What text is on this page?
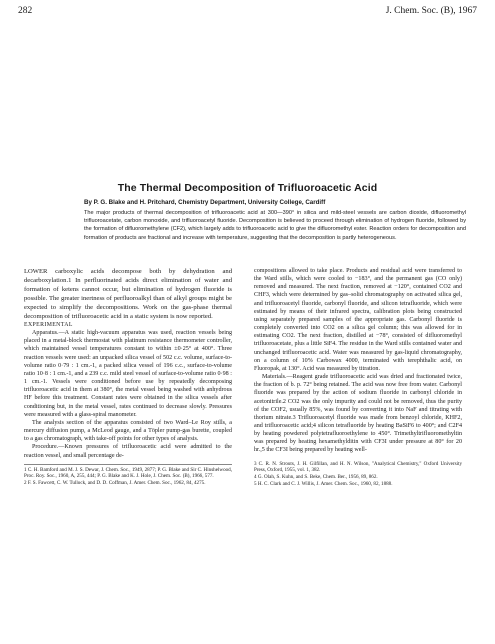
282	J. Chem. Soc. (B), 1967
The Thermal Decomposition of Trifluoroacetic Acid
By P. G. Blake and H. Pritchard, Chemistry Department, University College, Cardiff
The major products of thermal decomposition of trifluoroacetic acid at 300—390° in silica and mild-steel vessels are carbon dioxide, difluoromethyl trifluoroacetate, carbon monoxide, and trifluoroacetyl fluoride. Decomposition is believed to proceed through elimination of hydrogen fluoride, followed by the formation of difluoromethylene (CF2), which largely adds to trifluoroacetic acid to give the difluoromethyl ester. Reaction orders for decomposition and formation of products are fractional and increase with temperature, suggesting that the decomposition is partly heterogeneous.

LOWER carboxylic acids decompose both by dehydration and decarboxylation.1 In perfluorinated acids direct elimination of water and formation of ketens cannot occur, but elimination of hydrogen fluoride is possible. The greater inertness of perfluoroalkyl than of alkyl groups might be expected to simplify the decompositions. Work on the gas-phase thermal decomposition of trifluoroacetic acid in a static system is now reported.

EXPERIMENTAL

Apparatus.—A static high-vacuum apparatus was used, reaction vessels being placed in a metal-block thermostat with platinum resistance thermometer controller, which maintained vessel temperatures constant to within ±0·25° at 400°. Three reaction vessels were used: an unpacked silica vessel of 502 c.c. volume, surface-to-volume ratio 0·79 : 1 cm.-1, a packed silica vessel of 196 c.c., surface-to-volume ratio 10·8 : 1 cm.-1, and a 239 c.c. mild steel vessel of surface-to-volume ratio 0·98 : 1 cm.-1. Vessels were conditioned before use by repeatedly decomposing trifluoroacetic acid in them at 380°, the metal vessel being washed with anhydrous HF before this treatment. Constant rates were obtained in the silica vessels after conditioning but, in the metal vessel, rates continued to decrease slowly. Pressures were measured with a glass-spiral manometer.

The analysis section of the apparatus consisted of two Ward–Le Roy stills, a mercury diffusion pump, a McLeod gauge, and a Töpler pump-gas burette, coupled to a gas chromatograph, with take-off points for other types of analysis.

Procedure.—Known pressures of trifluoroacetic acid were admitted to the reaction vessel, and small percentage de-

1 C. H. Bamford and M. J. S. Dewar, J. Chem. Soc., 1949, 2877; P. G. Blake and Sir C. Hinshelwood, Proc. Roy. Soc., 1960, A, 255, 444; P. G. Blake and K. J. Hole, J. Chem. Soc. (B), 1966, 577.
2 F. S. Fawcett, C. W. Tullock, and D. D. Coffman, J. Amer. Chem. Soc., 1962, 84, 4275.

compositions allowed to take place. Products and residual acid were transferred to the Ward stills, which were cooled to −183°, and the permanent gas (CO only) removed and measured. The next fraction, removed at −120°, contained CO2 and CHF3, which were determined by gas–solid chromatography on activated silica gel, and trifluoroacetyl fluoride, carbonyl fluoride, and silicon tetrafluoride, which were estimated by means of their infrared spectra, calibration plots being constructed using separately prepared samples of the appropriate gas. Carbonyl fluoride is completely converted into CO2 on a silica gel column; this was allowed for in estimating CO2. The next fraction, distilled at −78°, consisted of difluoromethyl trifluoroacetate, plus a little SiF4. The residue in the Ward stills contained water and unchanged trifluoroacetic acid. Water was measured by gas-liquid chromatography, on a column of 10% Carbowax 4000, terminated with terephthalic acid, on Fluoropak, at 130°. Acid was measured by titration.

Materials.—Reagent grade trifluoroacetic acid was dried and fractionated twice, the fraction of b. p. 72° being retained. The acid was now free from water. Carbonyl fluoride was prepared by the action of sodium fluoride in carbonyl chloride in acetonitrile.2 CO2 was the only impurity and could not be removed, thus the purity of the COF2, usually 85%, was found by converting it into NaF and titrating with thorium nitrate.3 Trifluoroacetyl fluoride was made from benzoyl chloride, KHF2, and trifluoroacetic acid;4 silicon tetrafluoride by heating BaSiF6 to 400°; and C2F4 by heating powdered polytetrafluoroethylene to 450°. Trimethyltrifluoromethyltin was prepared by heating hexamethylditin with CF3I under pressure at 80° for 20 hr.,5 the CF3I being prepared by heating well-

3 C. R. N. Strouts, J. H. Gilfillan, and H. N. Wilson, "Analytical Chemistry," Oxford University Press, Oxford, 1955, vol. 1, 382.
4 G. Olah, S. Kuhn, and S. Beke, Chem. Ber., 1956, 89, 862.
5 H. C. Clark and C. J. Willis, J. Amer. Chem. Soc., 1960, 82, 1888.
